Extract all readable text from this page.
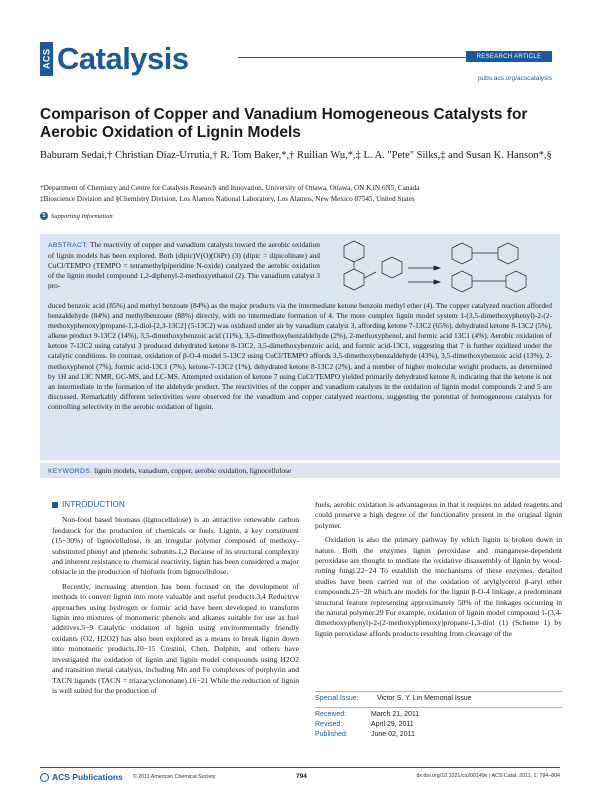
ACS Catalysis	RESEARCH ARTICLE
pubs.acs.org/acscatalysis
Comparison of Copper and Vanadium Homogeneous Catalysts for Aerobic Oxidation of Lignin Models
Baburam Sedai,† Christian Díaz-Urrutia,† R. Tom Baker,*,† Ruilian Wu,*,‡ L. A. "Pete" Silks,‡ and Susan K. Hanson*,§
†Department of Chemistry and Centre for Catalysis Research and Innovation, University of Ottawa, Ottawa, ON K1N 6N5, Canada
‡Bioscience Division and §Chemistry Division, Los Alamos National Laboratory, Los Alamos, New Mexico 87545, United States
S Supporting Information
ABSTRACT: The reactivity of copper and vanadium catalysts toward the aerobic oxidation of lignin models has been explored. Both (dipic)V(O)(OiPr) (3) (dipic = dipicolinate) and CuCl/TEMPO (TEMPO = tetramethylpiperidine N-oxide) catalyzed the aerobic oxidation of the lignin model compound 1,2-diphenyl-2-methoxyethanol (2). The vanadium catalyst 3 pro-
duced benzoic acid (85%) and methyl benzoate (84%) as the major products via the intermediate ketone benzoin methyl ether (4). The copper catalyzed reaction afforded benzaldehyde (84%) and methylbenzoate (88%) directly, with no intermediate formation of 4. The more complex lignin model system 1-(3,5-dimethoxyphenyl)-2-(2-methoxyphenoxy)propane-1,3-diol-[2,3-13C2] (5-13C2) was oxidized under air by vanadium catalyst 3, affording ketone 7-13C2 (65%), dehydrated ketone 8-13C2 (5%), alkene product 9-13C2 (14%), 3,5-dimethoxybenzoic acid (11%), 3,5-dimethoxybenzaldehyde (2%), 2-methoxyphenol, and formic acid 13C1 (4%). Aerobic oxidation of ketone 7-13C2 using catalyst 3 produced dehydrated ketone 8-13C2, 3,5-dimethoxybenzoic acid, and formic acid-13C1, suggesting that 7 is further oxidized under the catalytic conditions. In contrast, oxidation of β-O-4 model 5-13C2 using CuCl/TEMPO affords 3,5-dimethoxybenzaldehyde (43%), 3,5-dimethoxybenzoic acid (13%), 2-methoxyphenol (7%), formic acid-13C1 (7%), ketone-7-13C2 (1%), dehydrated ketone 8-13C2 (2%), and a number of higher molecular weight products, as determined by 1H and 13C NMR, GC-MS, and LC-MS. Attempted oxidation of ketone 7 using CuCl/TEMPO yielded primarily dehydrated ketone 8, indicating that the ketone is not an intermediate in the formation of the aldehyde product. The reactivities of the copper and vanadium catalysts in the oxidation of lignin model compounds 2 and 5 are discussed. Remarkably different selectivities were observed for the vanadium and copper catalyzed reactions, suggesting the potential of homogeneous catalysts for controlling selectivity in the aerobic oxidation of lignin.
KEYWORDS: lignin models, vanadium, copper, aerobic oxidation, lignocellulose
INTRODUCTION

Non-food based biomass (lignocellulose) is an attractive renewable carbon feedstock for the production of chemicals or fuels. Lignin, a key constituent (15−30%) of lignocellulose, is an irregular polymer composed of methoxy-substituted phenyl and phenolic subunits.1,2 Because of its structural complexity and inherent resistance to chemical reactivity, lignin has been considered a major obstacle in the production of biofuels from lignocellulose.

Recently, increasing attention has been focused on the development of methods to convert lignin into more valuable and useful products.3,4 Reductive approaches using hydrogen or formic acid have been developed to transform lignin into mixtures of monomeric phenols and alkanes suitable for use as fuel additives.5−9 Catalytic oxidation of lignin using environmentally friendly oxidants (O2, H2O2) has also been explored as a means to break lignin down into monomeric products.10−15 Crestini, Chen, Dolphin, and others have investigated the oxidation of lignin and lignin model compounds using H2O2 and transition metal catalysts, including Mn and Fe complexes of porphyrin and TACN ligands (TACN = triazacyclononane).16−21 While the reduction of lignin is well suited for the production of

fuels, aerobic oxidation is advantageous in that it requires no added reagents and could preserve a high degree of the functionality present in the original lignin polymer.

Oxidation is also the primary pathway by which lignin is broken down in nature. Both the enzymes lignin peroxidase and manganese-dependent peroxidase are thought to mediate the oxidative disassembly of lignin by wood-rotting fungi.22−24 To establish the mechanisms of these enzymes, detailed studies have been carried out of the oxidation of arylglycerol β-aryl ether compounds,25−28 which are models for the lignin β-O-4 linkage, a predominant structural feature representing approximately 50% of the linkages occurring in the natural polymer.29 For example, oxidation of lignin model compound 1-(3,4-dimethoxyphenyl)-2-(2-methoxyphenoxy)propane-1,3-diol (1) (Scheme 1) by lignin peroxidase affords products resulting from cleavage of the

Special Issue:	Victor S. Y. Lin Memorial Issue
Received:	March 21, 2011
Revised:	April 29, 2011
Published:	June 02, 2011
ACS Publications © 2011 American Chemical Society	794	dx.doi.org/10.1021/cs200149v | ACS Catal. 2011, 1, 794–804
